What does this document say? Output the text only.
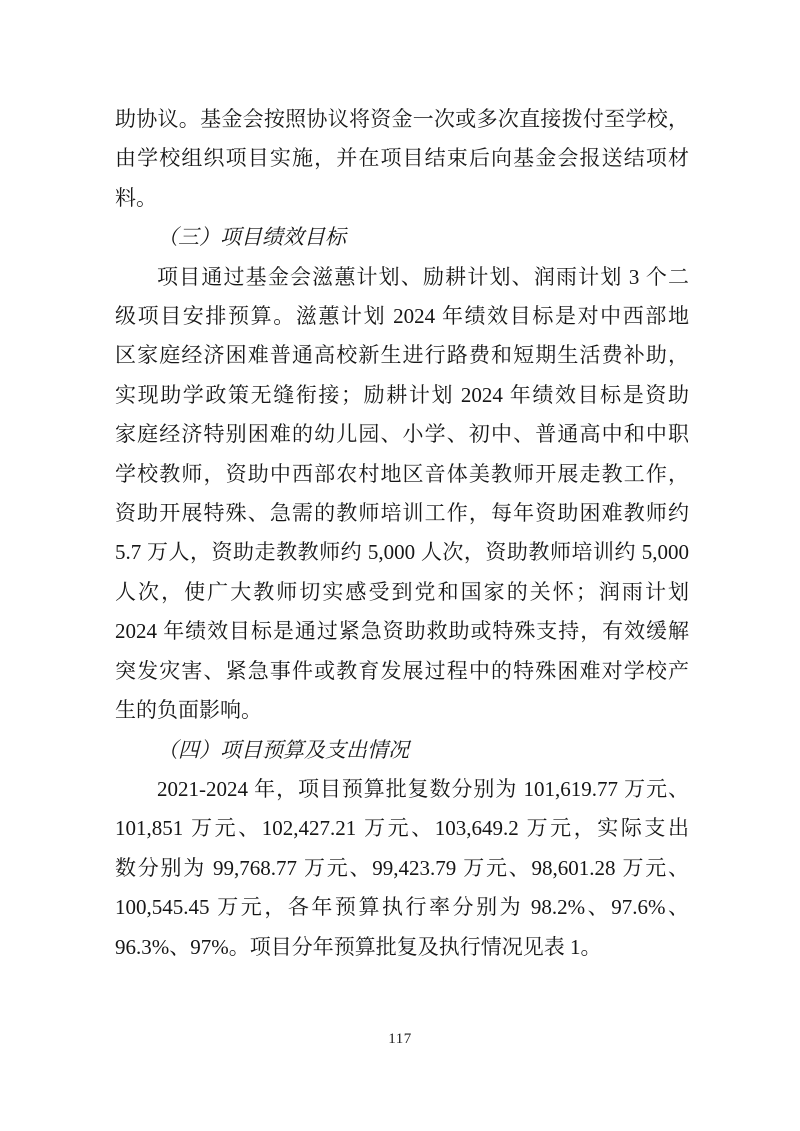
助协议。基金会按照协议将资金一次或多次直接拨付至学校，
由学校组织项目实施，并在项目结束后向基金会报送结项材
料。
（三）项目绩效目标
项目通过基金会滋蕙计划、励耕计划、润雨计划 3 个二
级项目安排预算。滋蕙计划 2024 年绩效目标是对中西部地
区家庭经济困难普通高校新生进行路费和短期生活费补助，
实现助学政策无缝衔接；励耕计划 2024 年绩效目标是资助
家庭经济特别困难的幼儿园、小学、初中、普通高中和中职
学校教师，资助中西部农村地区音体美教师开展走教工作，
资助开展特殊、急需的教师培训工作，每年资助困难教师约
5.7 万人，资助走教教师约 5,000 人次，资助教师培训约 5,000
人次，使广大教师切实感受到党和国家的关怀；润雨计划
2024 年绩效目标是通过紧急资助救助或特殊支持，有效缓解
突发灾害、紧急事件或教育发展过程中的特殊困难对学校产
生的负面影响。
（四）项目预算及支出情况
2021-2024 年，项目预算批复数分别为 101,619.77 万元、
101,851 万元、102,427.21 万元、103,649.2 万元，实际支出
数分别为 99,768.77 万元、99,423.79 万元、98,601.28 万元、
100,545.45 万元，各年预算执行率分别为 98.2%、97.6%、
96.3%、97%。项目分年预算批复及执行情况见表 1。
117
